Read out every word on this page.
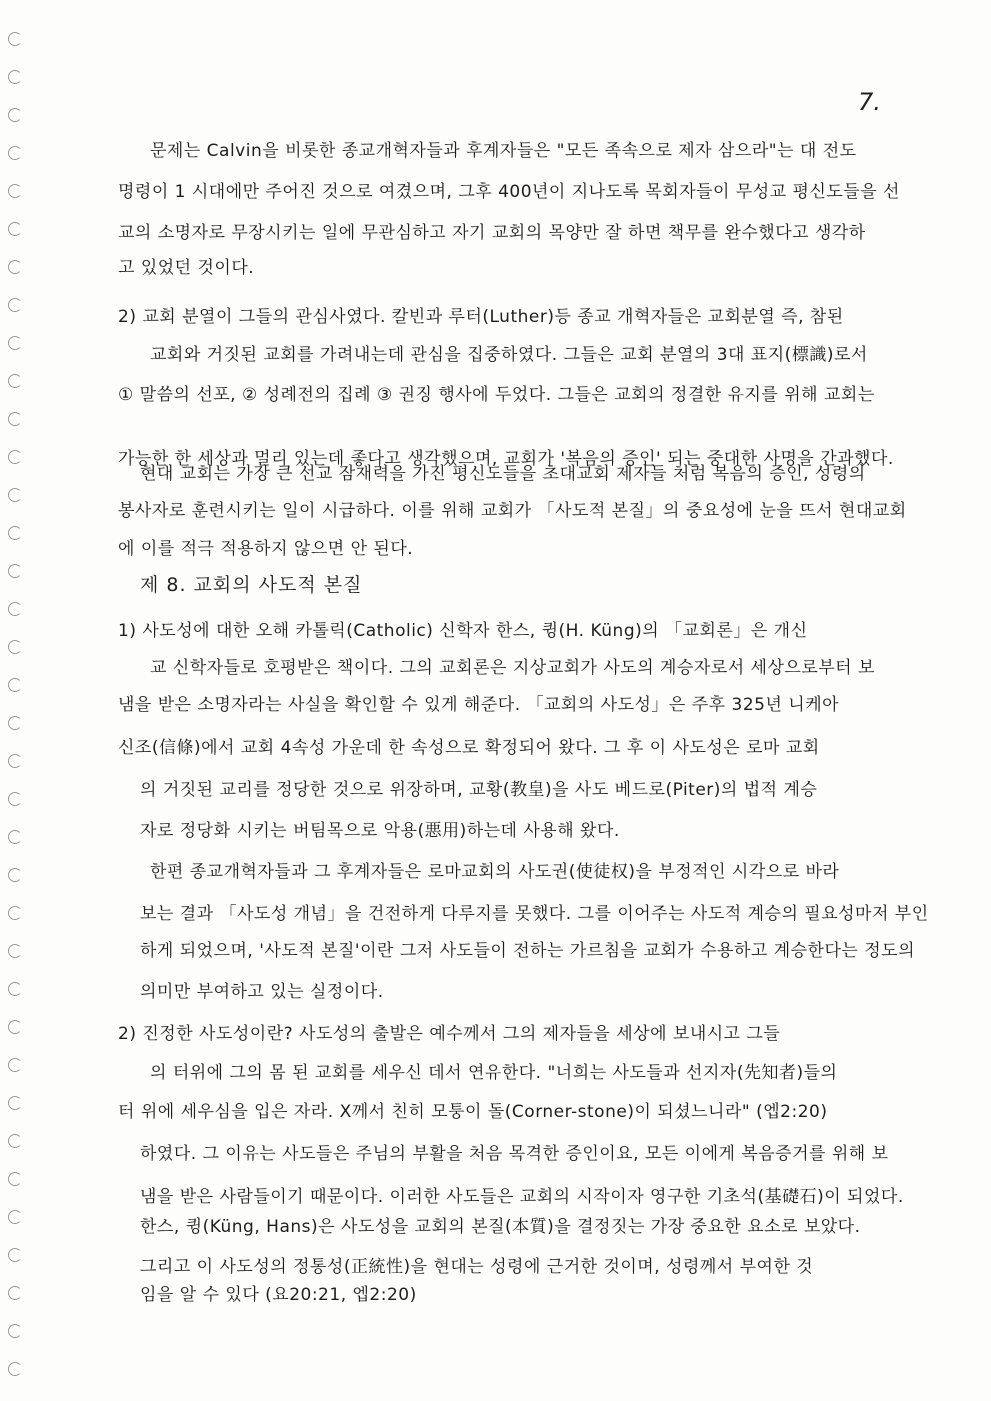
7.
문제는 Calvin을 비롯한 종교개혁자들과 후계자들은 "모든 족속으로 제자 삼으라"는 대 전도
명령이 1 시대에만 주어진 것으로 여겼으며, 그후 400년이 지나도록 목회자들이 무성교 평신도들을 선
교의 소명자로 무장시키는 일에 무관심하고 자기 교회의 목양만 잘 하면 책무를 완수했다고 생각하
고 있었던 것이다.
2) 교회 분열이 그들의 관심사였다. 칼빈과 루터(Luther)등 종교 개혁자들은 교회분열 즉, 참된
교회와 거짓된 교회를 가려내는데 관심을 집중하였다. 그들은 교회 분열의 3대 표지(標識)로서
① 말씀의 선포, ② 성례전의 집례 ③ 권징 행사에 두었다. 그들은 교회의 정결한 유지를 위해 교회는
가능한 한 세상과 멀리 있는데 좋다고 생각했으며, 교회가 '복음의 증인' 되는 중대한 사명을 간과했다.
현대 교회는 가장 큰 선교 잠재력을 가진 평신도들을 초대교회 제자들 처럼 복음의 증인, 성령의
봉사자로 훈련시키는 일이 시급하다. 이를 위해 교회가 「사도적 본질」의 중요성에 눈을 뜨서 현대교회
에 이를 적극 적용하지 않으면 안 된다.
제 8. 교회의 사도적 본질
1) 사도성에 대한 오해 카톨릭(Catholic) 신학자 한스, 큉(H. Küng)의 「교회론」은 개신
교 신학자들로 호평받은 책이다. 그의 교회론은 지상교회가 사도의 계승자로서 세상으로부터 보
냄을 받은 소명자라는 사실을 확인할 수 있게 해준다. 「교회의 사도성」은 주후 325년 니케아
신조(信條)에서 교회 4속성 가운데 한 속성으로 확정되어 왔다. 그 후 이 사도성은 로마 교회
의 거짓된 교리를 정당한 것으로 위장하며, 교황(教皇)을 사도 베드로(Piter)의 법적 계승
자로 정당화 시키는 버팀목으로 악용(悪用)하는데 사용해 왔다.
한편 종교개혁자들과 그 후계자들은 로마교회의 사도권(使徒权)을 부정적인 시각으로 바라
보는 결과 「사도성 개념」을 건전하게 다루지를 못했다. 그를 이어주는 사도적 계승의 필요성마저 부인
하게 되었으며, '사도적 본질'이란 그저 사도들이 전하는 가르침을 교회가 수용하고 계승한다는 정도의
의미만 부여하고 있는 실정이다.
2) 진정한 사도성이란? 사도성의 출발은 예수께서 그의 제자들을 세상에 보내시고 그들
의 터위에 그의 몸 된 교회를 세우신 데서 연유한다. "너희는 사도들과 선지자(先知者)들의
터 위에 세우심을 입은 자라. X께서 친히 모퉁이 돌(Corner-stone)이 되셨느니라" (엡2:20)
하였다. 그 이유는 사도들은 주님의 부활을 처음 목격한 증인이요, 모든 이에게 복음증거를 위해 보
냄을 받은 사람들이기 때문이다. 이러한 사도들은 교회의 시작이자 영구한 기초석(基礎石)이 되었다.
한스, 큉(Küng, Hans)은 사도성을 교회의 본질(本質)을 결정짓는 가장 중요한 요소로 보았다.
그리고 이 사도성의 정통성(正統性)을 현대는 성령에 근거한 것이며, 성령께서 부여한 것
임을 알 수 있다 (요20:21, 엡2:20)
